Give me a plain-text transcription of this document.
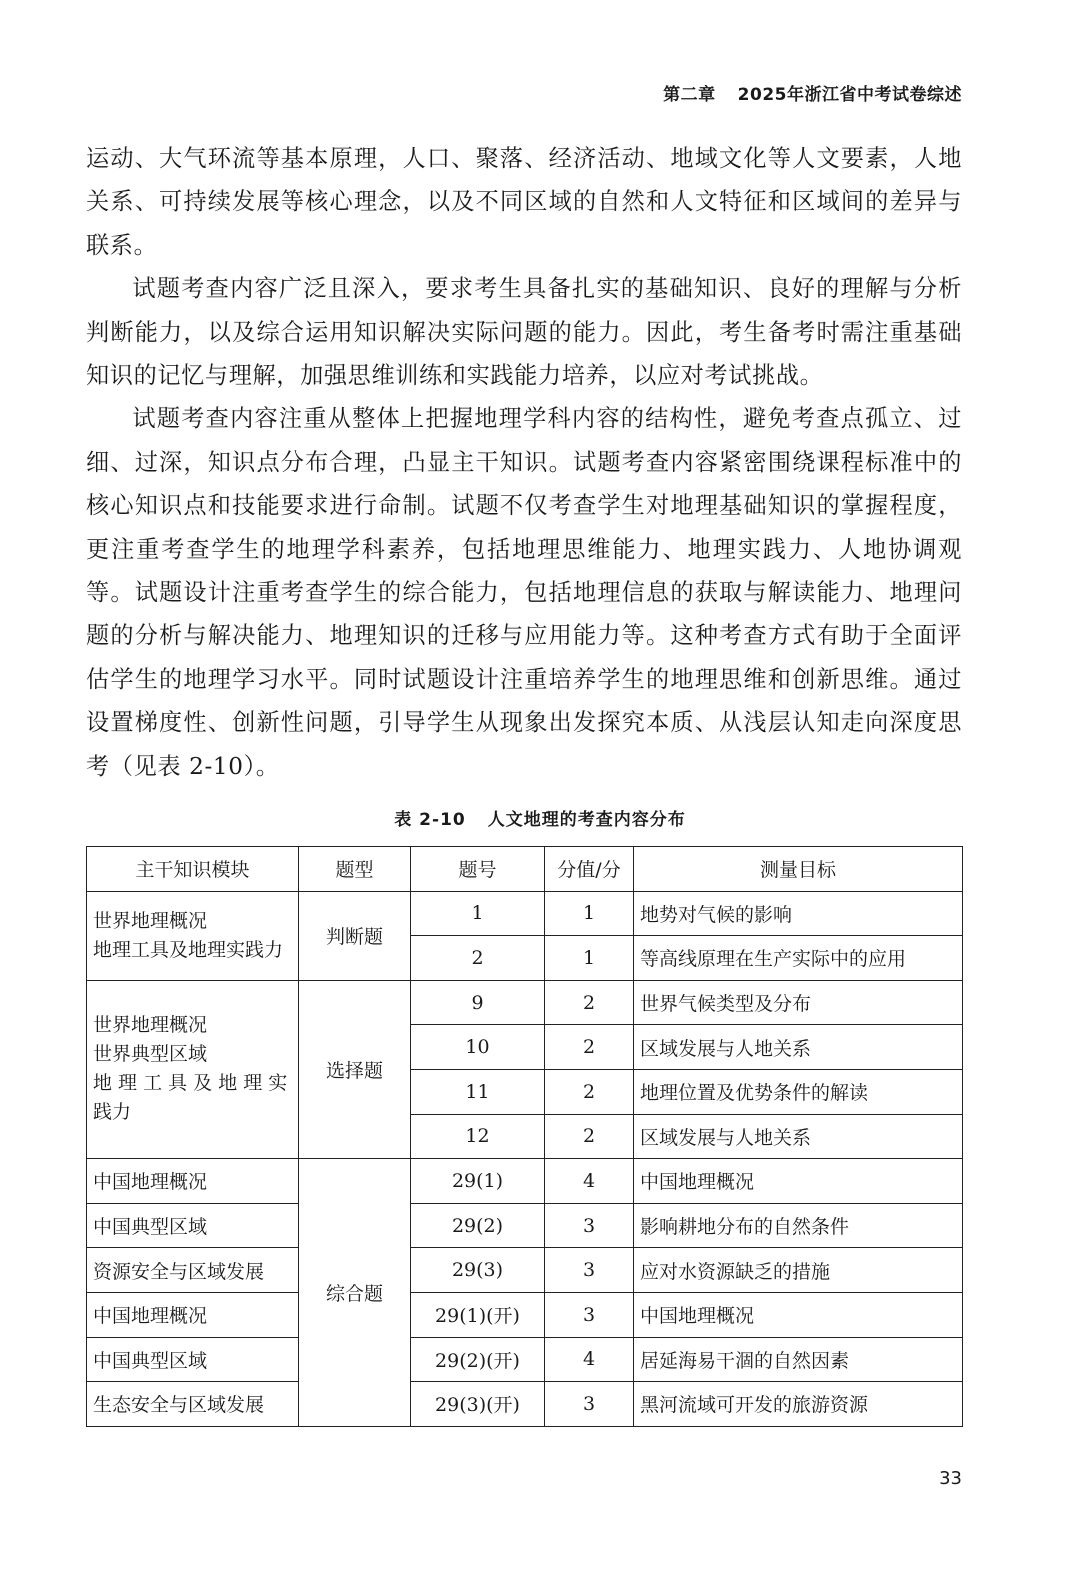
第二章 2025年浙江省中考试卷综述

运动、大气环流等基本原理，人口、聚落、经济活动、地域文化等人文要素，人地关系、可持续发展等核心理念，以及不同区域的自然和人文特征和区域间的差异与联系。

试题考查内容广泛且深入，要求考生具备扎实的基础知识、良好的理解与分析判断能力，以及综合运用知识解决实际问题的能力。因此，考生备考时需注重基础知识的记忆与理解，加强思维训练和实践能力培养，以应对考试挑战。

试题考查内容注重从整体上把握地理学科内容的结构性，避免考查点孤立、过细、过深，知识点分布合理，凸显主干知识。试题考查内容紧密围绕课程标准中的核心知识点和技能要求进行命制。试题不仅考查学生对地理基础知识的掌握程度，更注重考查学生的地理学科素养，包括地理思维能力、地理实践力、人地协调观等。试题设计注重考查学生的综合能力，包括地理信息的获取与解读能力、地理问题的分析与解决能力、地理知识的迁移与应用能力等。这种考查方式有助于全面评估学生的地理学习水平。同时试题设计注重培养学生的地理思维和创新思维。通过设置梯度性、创新性问题，引导学生从现象出发探究本质、从浅层认知走向深度思考（见表 2-10）。

表 2-10 人文地理的考查内容分布
主干知识模块	题型	题号	分值/分	测量目标

世界地理概况
地理工具及地理实践力	判断题	1	1	地势对气候的影响
		2	1	等高线原理在生产实际中的应用

世界地理概况
世界典型区域
地 理 工 具 及 地 理 实
践力	选择题	9	2	世界气候类型及分布
		10	2	区域发展与人地关系
		11	2	地理位置及优势条件的解读
		12	2	区域发展与人地关系
中国地理概况	综合题	29(1)	4	中国地理概况
中国典型区域		29(2)	3	影响耕地分布的自然条件
资源安全与区域发展		29(3)	3	应对水资源缺乏的措施
中国地理概况		29(1)(开)	3	中国地理概况
中国典型区域		29(2)(开)	4	居延海易干涸的自然因素
生态安全与区域发展		29(3)(开)	3	黑河流域可开发的旅游资源
33
